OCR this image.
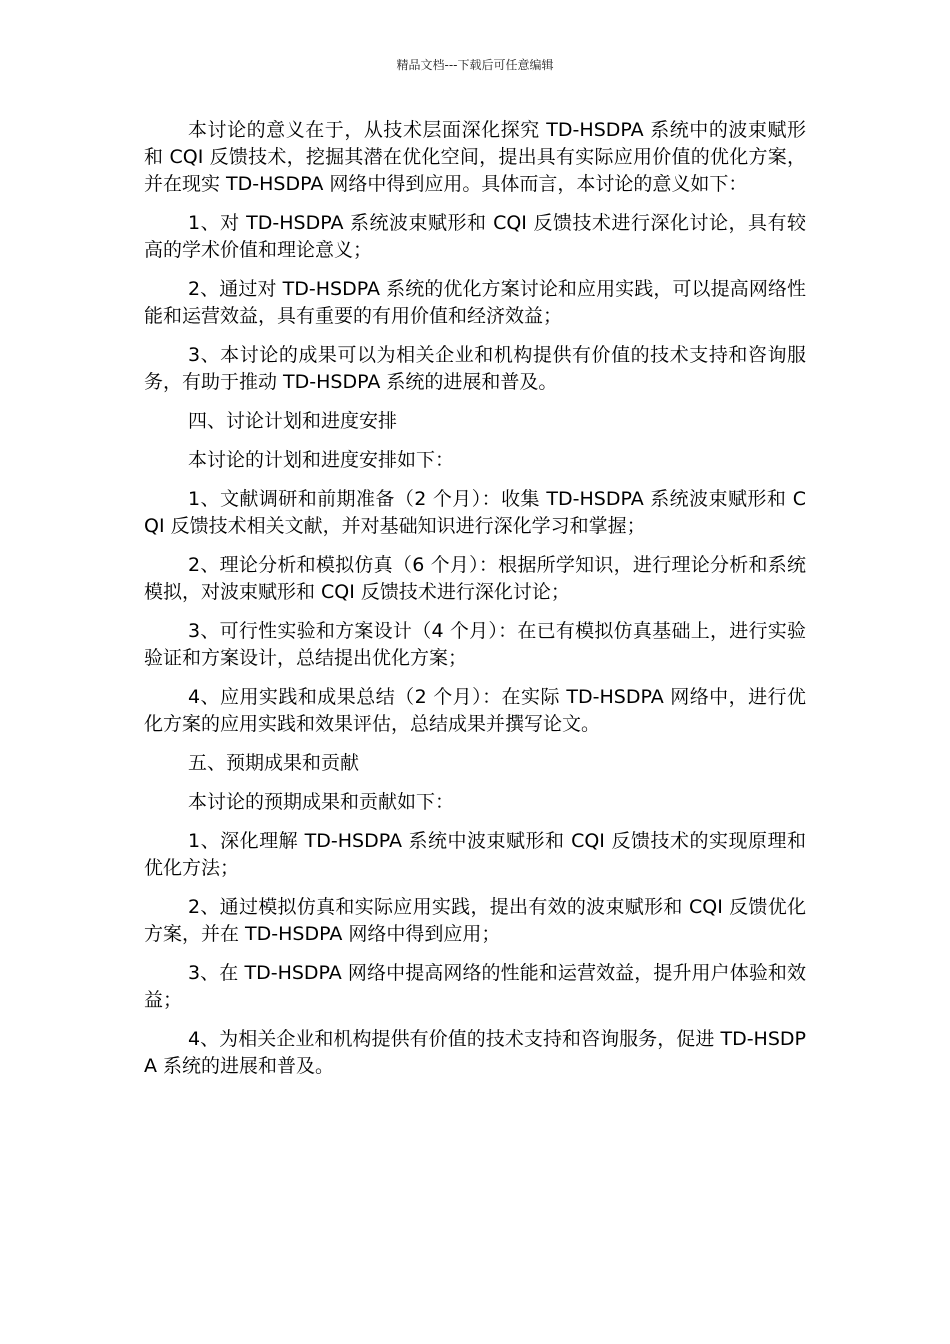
精品文档---下载后可任意编辑

本讨论的意义在于，从技术层面深化探究 TD-HSDPA 系统中的波束赋形和 CQI 反馈技术，挖掘其潜在优化空间，提出具有实际应用价值的优化方案，并在现实 TD-HSDPA 网络中得到应用。具体而言，本讨论的意义如下：

1、对 TD-HSDPA 系统波束赋形和 CQI 反馈技术进行深化讨论，具有较高的学术价值和理论意义；

2、通过对 TD-HSDPA 系统的优化方案讨论和应用实践，可以提高网络性能和运营效益，具有重要的有用价值和经济效益；

3、本讨论的成果可以为相关企业和机构提供有价值的技术支持和咨询服务，有助于推动 TD-HSDPA 系统的进展和普及。

四、讨论计划和进度安排

本讨论的计划和进度安排如下：

1、文献调研和前期准备（2 个月）：收集 TD-HSDPA 系统波束赋形和 CQI 反馈技术相关文献，并对基础知识进行深化学习和掌握；

2、理论分析和模拟仿真（6 个月）：根据所学知识，进行理论分析和系统模拟，对波束赋形和 CQI 反馈技术进行深化讨论；

3、可行性实验和方案设计（4 个月）：在已有模拟仿真基础上，进行实验验证和方案设计，总结提出优化方案；

4、应用实践和成果总结（2 个月）：在实际 TD-HSDPA 网络中，进行优化方案的应用实践和效果评估，总结成果并撰写论文。

五、预期成果和贡献

本讨论的预期成果和贡献如下：

1、深化理解 TD-HSDPA 系统中波束赋形和 CQI 反馈技术的实现原理和优化方法；

2、通过模拟仿真和实际应用实践，提出有效的波束赋形和 CQI 反馈优化方案，并在 TD-HSDPA 网络中得到应用；

3、在 TD-HSDPA 网络中提高网络的性能和运营效益，提升用户体验和效益；

4、为相关企业和机构提供有价值的技术支持和咨询服务，促进 TD-HSDPA 系统的进展和普及。
